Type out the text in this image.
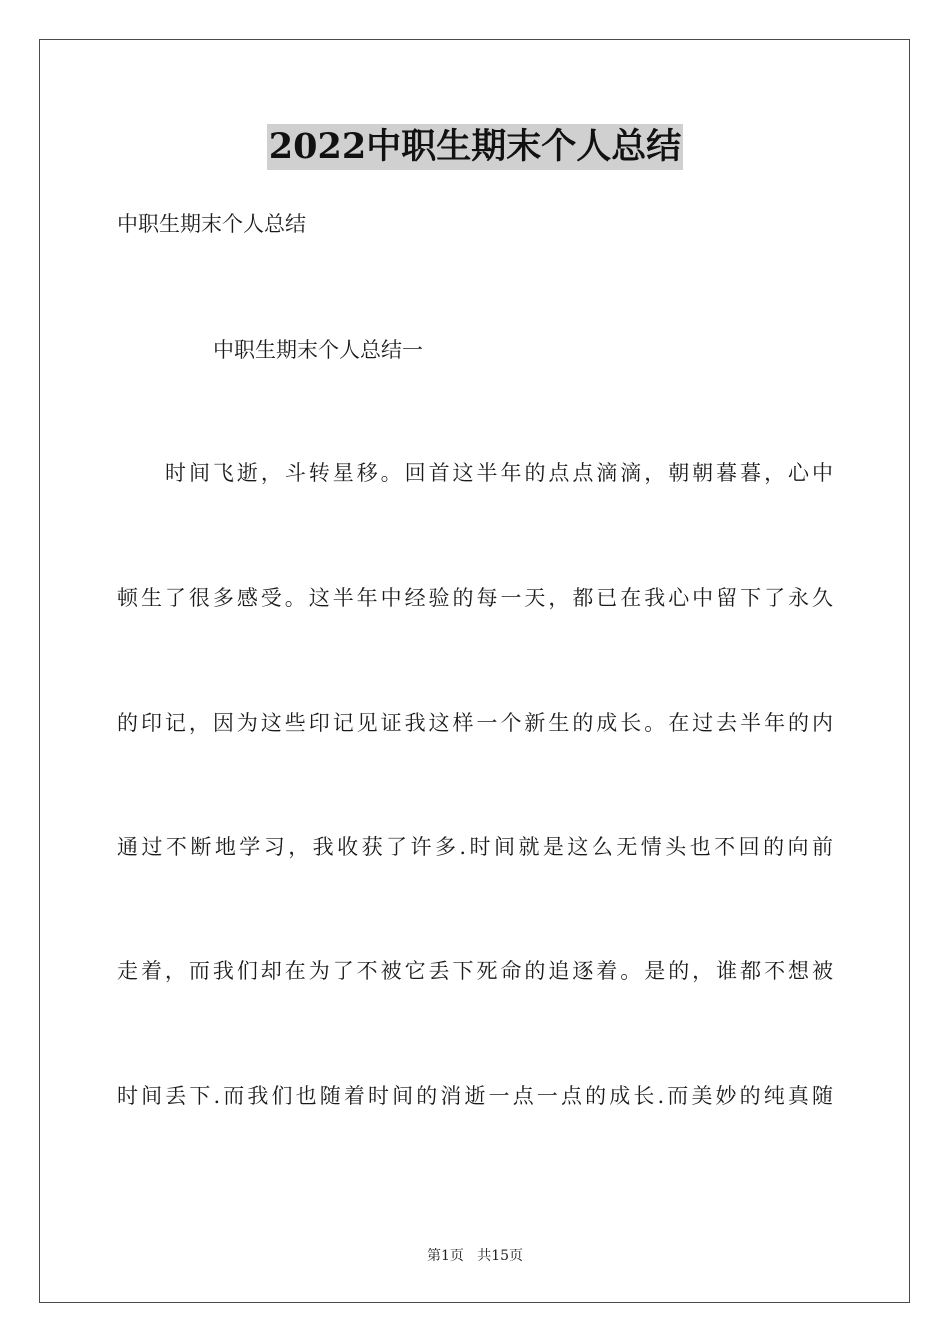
2022中职生期末个人总结
中职生期末个人总结
中职生期末个人总结一
时间飞逝，斗转星移。回首这半年的点点滴滴，朝朝暮暮，心中
顿生了很多感受。这半年中经验的每一天，都已在我心中留下了永久
的印记，因为这些印记见证我这样一个新生的成长。在过去半年的内
通过不断地学习，我收获了许多.时间就是这么无情头也不回的向前
走着，而我们却在为了不被它丢下死命的追逐着。是的，谁都不想被
时间丢下.而我们也随着时间的消逝一点一点的成长.而美妙的纯真随
第1页   共15页
